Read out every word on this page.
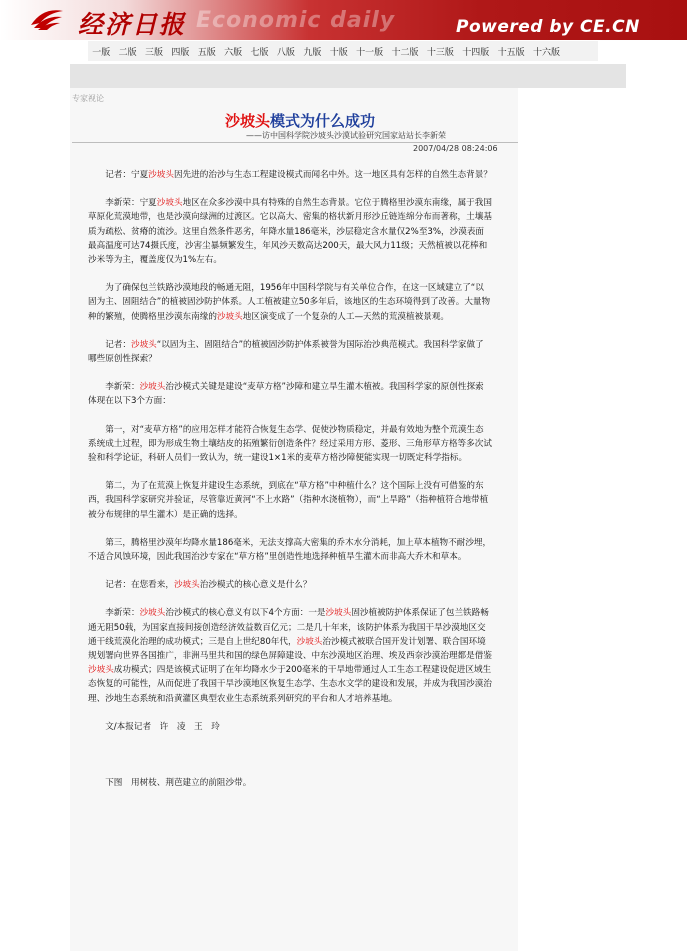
经济日报 Economic daily	Powered by CE.CN
一版 二版 三版 四版 五版 六版 七版 八版 九版 十版 十一版 十二版 十三版 十四版 十五版 十六版
专家视论
沙坡头模式为什么成功
——访中国科学院沙坡头沙漠试验研究国家站站长李新荣
2007/04/28 08:24:06

记者：宁夏沙坡头因先进的治沙与生态工程建设模式而闻名中外。这一地区具有怎样的自然生态背景？

李新荣：宁夏沙坡头地区在众多沙漠中具有特殊的自然生态背景。它位于腾格里沙漠东南缘，属于我国草原化荒漠地带，也是沙漠向绿洲的过渡区。它以高大、密集的格状新月形沙丘链连绵分布而著称，土壤基质为疏松、贫瘠的流沙。这里自然条件恶劣，年降水量186毫米，沙层稳定含水量仅2%至3%，沙漠表面最高温度可达74摄氏度，沙害尘暴频繁发生，年风沙天数高达200天，最大风力11级；天然植被以花棒和沙米等为主，覆盖度仅为1%左右。

为了确保包兰铁路沙漠地段的畅通无阻，1956年中国科学院与有关单位合作，在这一区域建立了“以固为主、固阻结合”的植被固沙防护体系。人工植被建立50多年后，该地区的生态环境得到了改善。大量物种的繁殖，使腾格里沙漠东南缘的沙坡头地区演变成了一个复杂的人工—天然的荒漠植被景观。

记者：沙坡头“以固为主、固阻结合”的植被固沙防护体系被誉为国际治沙典范模式。我国科学家做了哪些原创性探索？

李新荣：沙坡头治沙模式关键是建设“麦草方格”沙障和建立旱生灌木植被。我国科学家的原创性探索体现在以下3个方面：

第一，对“麦草方格”的应用怎样才能符合恢复生态学、促使沙物质稳定，并最有效地为整个荒漠生态系统成土过程，即为形成生物土壤结皮的拓殖繁衍创造条件？经过采用方形、菱形、三角形草方格等多次试验和科学论证，科研人员们一致认为，统一建设1×1米的麦草方格沙障便能实现一切既定科学指标。

第二，为了在荒漠上恢复并建设生态系统，到底在“草方格”中种植什么？这个国际上没有可借鉴的东西，我国科学家研究并验证，尽管靠近黄河“不上水路”（指种水浇植物），而“上旱路”（指种植符合地带植被分布规律的旱生灌木）是正确的选择。

第三，腾格里沙漠年均降水量186毫米，无法支撑高大密集的乔木水分消耗，加上草本植物不耐沙埋，不适合风蚀环境，因此我国治沙专家在“草方格”里创造性地选择种植旱生灌木而非高大乔木和草本。

记者：在您看来，沙坡头治沙模式的核心意义是什么？

李新荣：沙坡头治沙模式的核心意义有以下4个方面：一是沙坡头固沙植被防护体系保证了包兰铁路畅通无阻50载，为国家直接间接创造经济效益数百亿元；二是几十年来，该防护体系为我国干旱沙漠地区交通干线荒漠化治理的成功模式；三是自上世纪80年代，沙坡头治沙模式被联合国开发计划署、联合国环境规划署向世界各国推广，非洲马里共和国的绿色屏障建设、中东沙漠地区治理、埃及西奈沙漠治理都是借鉴沙坡头成功模式；四是该模式证明了在年均降水少于200毫米的干旱地带通过人工生态工程建设促进区域生态恢复的可能性，从而促进了我国干旱沙漠地区恢复生态学、生态水文学的建设和发展，并成为我国沙漠治理、沙地生态系统和沿黄灌区典型农业生态系统系列研究的平台和人才培养基地。

文/本报记者　许　凌　王　玲

下图　用树枝、荆芭建立的前阻沙带。
